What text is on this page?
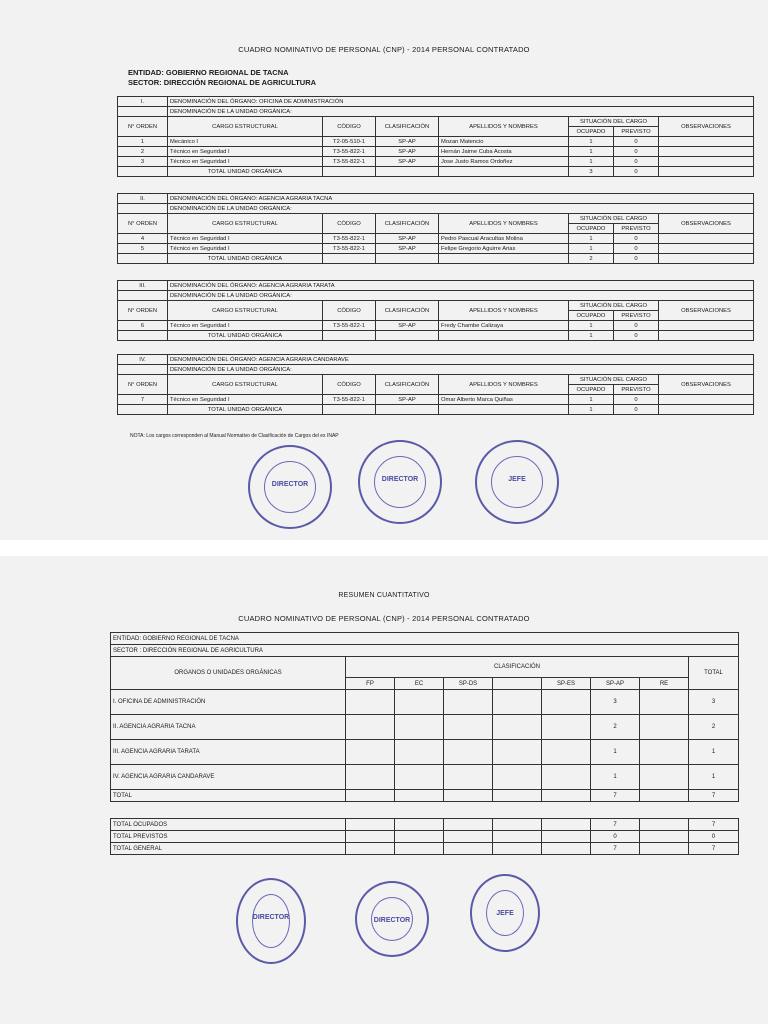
CUADRO NOMINATIVO DE PERSONAL (CNP) - 2014 PERSONAL CONTRATADO
ENTIDAD: GOBIERNO REGIONAL DE TACNA
SECTOR: DIRECCIÓN REGIONAL DE AGRICULTURA
I.	DENOMINACIÓN DEL ÓRGANO: OFICINA DE ADMINISTRACIÓN						
	DENOMINACIÓN DE LA UNIDAD ORGÁNICA:						
N° ORDEN	CARGO ESTRUCTURAL	CÓDIGO	CLASIFICACIÓN	APELLIDOS Y NOMBRES	SITUACIÓN DEL CARGO		OBSERVACIONES
					OCUPADO	PREVISTO	
1	Mecánico I	T2-05-510-1	SP-AP	Mozan Matencio	1	0	
2	Técnico en Seguridad I	T3-55-822-1	SP-AP	Hernán Jaime Cuba Acosta	1	0	
3	Técnico en Seguridad I	T3-55-822-1	SP-AP	Jose Justo Ramos Ordoñez	1	0	
	TOTAL UNIDAD ORGÁNICA				3	0	
II.	DENOMINACIÓN DEL ÓRGANO: AGENCIA AGRARIA TACNA						
	DENOMINACIÓN DE LA UNIDAD ORGÁNICA:						
N° ORDEN	CARGO ESTRUCTURAL	CÓDIGO	CLASIFICACIÓN	APELLIDOS Y NOMBRES	SITUACIÓN DEL CARGO		OBSERVACIONES
					OCUPADO	PREVISTO	
4	Técnico en Seguridad I	T3-55-822-1	SP-AP	Pedro Pascual Aracultas Molina	1	0	
5	Técnico en Seguridad I	T3-55-822-1	SP-AP	Felipe Gregorio Aguirre Arias	1	0	
	TOTAL UNIDAD ORGÁNICA				2	0	
III.	DENOMINACIÓN DEL ÓRGANO: AGENCIA AGRARIA TARATA						
	DENOMINACIÓN DE LA UNIDAD ORGÁNICA:						
N° ORDEN	CARGO ESTRUCTURAL	CÓDIGO	CLASIFICACIÓN	APELLIDOS Y NOMBRES	SITUACIÓN DEL CARGO		OBSERVACIONES
					OCUPADO	PREVISTO	
6	Técnico en Seguridad I	T3-55-822-1	SP-AP	Fredy Chambe Calizaya	1	0	
	TOTAL UNIDAD ORGÁNICA				1	0	
IV.	DENOMINACIÓN DEL ÓRGANO: AGENCIA AGRARIA CANDARAVE						
	DENOMINACIÓN DE LA UNIDAD ORGÁNICA:						
N° ORDEN	CARGO ESTRUCTURAL	CÓDIGO	CLASIFICACIÓN	APELLIDOS Y NOMBRES	SITUACIÓN DEL CARGO		OBSERVACIONES
					OCUPADO	PREVISTO	
7	Técnico en Seguridad I	T3-55-822-1	SP-AP	Omar Alberto Marca Quiñas	1	0	
	TOTAL UNIDAD ORGÁNICA				1	0	
NOTA: Los cargos corresponden al Manual Normativo de Clasificación de Cargos del ex INAP
DIRECTOR
DIRECTOR	JEFE
RESUMEN CUANTITATIVO
CUADRO NOMINATIVO DE PERSONAL (CNP) - 2014 PERSONAL CONTRATADO
ENTIDAD: GOBIERNO REGIONAL DE TACNA								
SECTOR : DIRECCIÓN REGIONAL DE AGRICULTURA								
ORGANOS O UNIDADES ORGÁNICAS	CLASIFICACIÓN							TOTAL
	FP	EC	SP-DS		SP-ES	SP-AP	RE	
I. OFICINA DE ADMINISTRACIÓN						3		3
II. AGENCIA AGRARIA TACNA						2		2
III. AGENCIA AGRARIA TARATA						1		1
IV. AGENCIA AGRARIA CANDARAVE						1		1
TOTAL						7		7
TOTAL OCUPADOS						7		7
TOTAL PREVISTOS						0		0
TOTAL GENERAL						7		7
DIRECTOR	DIRECTOR
JEFE
